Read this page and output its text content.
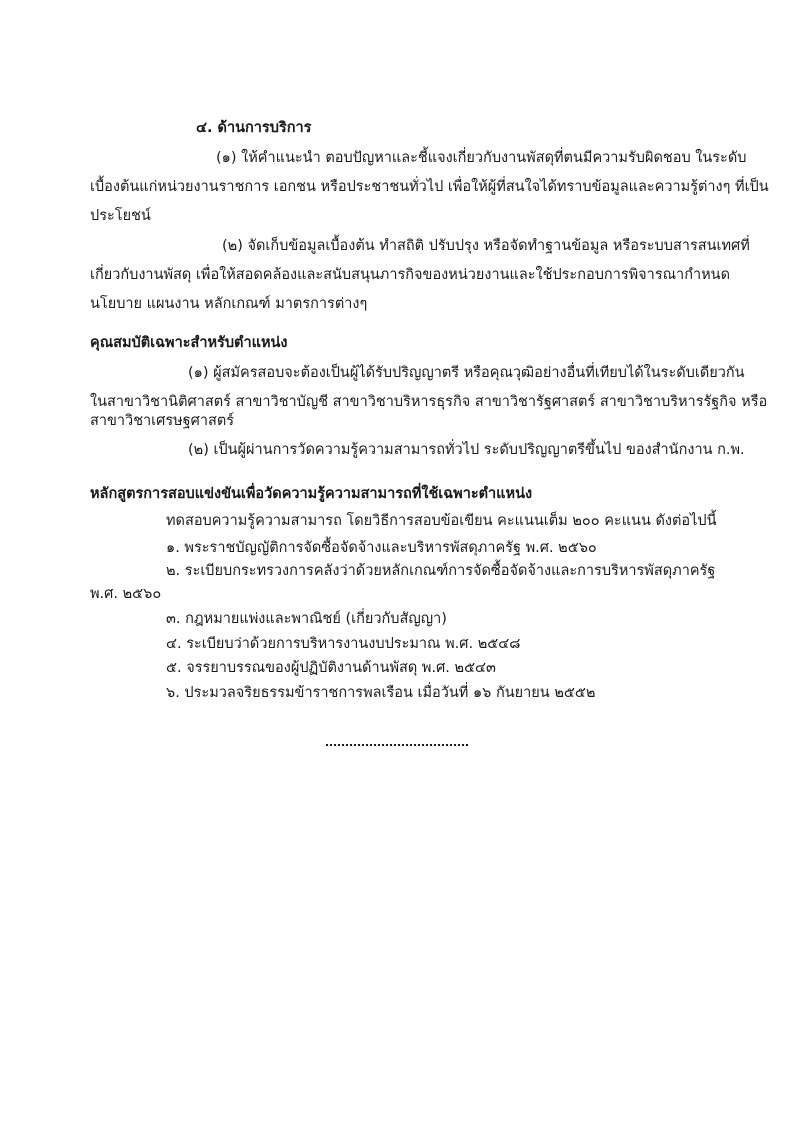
๔. ด้านการบริการ
(๑) ให้คำแนะนำ ตอบปัญหาและชี้แจงเกี่ยวกับงานพัสดุที่ตนมีความรับผิดชอบ ในระดับ
เบื้องต้นแก่หน่วยงานราชการ เอกชน หรือประชาชนทั่วไป เพื่อให้ผู้ที่สนใจได้ทราบข้อมูลและความรู้ต่างๆ ที่เป็น
ประโยชน์
(๒) จัดเก็บข้อมูลเบื้องต้น ทำสถิติ ปรับปรุง หรือจัดทำฐานข้อมูล หรือระบบสารสนเทศที่
เกี่ยวกับงานพัสดุ เพื่อให้สอดคล้องและสนับสนุนภารกิจของหน่วยงานและใช้ประกอบการพิจารณากำหนด
นโยบาย แผนงาน หลักเกณฑ์ มาตรการต่างๆ
คุณสมบัติเฉพาะสำหรับตำแหน่ง
(๑) ผู้สมัครสอบจะต้องเป็นผู้ได้รับปริญญาตรี หรือคุณวุฒิอย่างอื่นที่เทียบได้ในระดับเดียวกัน
ในสาขาวิชานิติศาสตร์ สาขาวิชาบัญชี สาขาวิชาบริหารธุรกิจ สาขาวิชารัฐศาสตร์ สาขาวิชาบริหารรัฐกิจ หรือ
สาขาวิชาเศรษฐศาสตร์
(๒) เป็นผู้ผ่านการวัดความรู้ความสามารถทั่วไป ระดับปริญญาตรีขึ้นไป ของสำนักงาน ก.พ.
หลักสูตรการสอบแข่งขันเพื่อวัดความรู้ความสามารถที่ใช้เฉพาะตำแหน่ง
ทดสอบความรู้ความสามารถ โดยวิธีการสอบข้อเขียน คะแนนเต็ม ๒๐๐ คะแนน ดังต่อไปนี้
๑. พระราชบัญญัติการจัดซื้อจัดจ้างและบริหารพัสดุภาครัฐ พ.ศ. ๒๕๖๐
๒. ระเบียบกระทรวงการคลังว่าด้วยหลักเกณฑ์การจัดซื้อจัดจ้างและการบริหารพัสดุภาครัฐ
พ.ศ. ๒๕๖๐
๓. กฎหมายแพ่งและพาณิชย์ (เกี่ยวกับสัญญา)
๔. ระเบียบว่าด้วยการบริหารงานงบประมาณ พ.ศ. ๒๕๔๘
๕. จรรยาบรรณของผู้ปฏิบัติงานด้านพัสดุ พ.ศ. ๒๕๔๓
๖. ประมวลจริยธรรมข้าราชการพลเรือน เมื่อวันที่ ๑๖ กันยายน ๒๕๕๒
